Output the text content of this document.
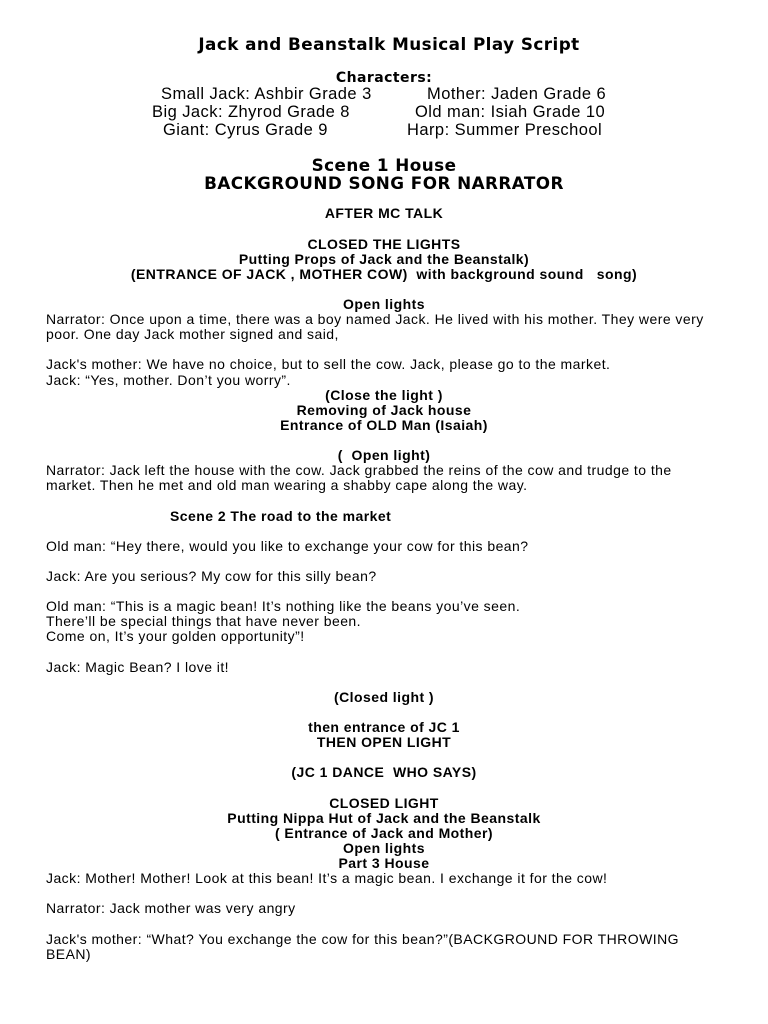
Jack and Beanstalk Musical Play Script
Characters:
Small Jack: Ashbir Grade 3	Mother: Jaden Grade 6
Big Jack: Zhyrod Grade 8	Old man: Isiah Grade 10
Giant: Cyrus Grade 9	Harp: Summer Preschool
Scene 1 House
BACKGROUND SONG FOR NARRATOR
AFTER MC TALK
CLOSED THE LIGHTS
Putting Props of Jack and the Beanstalk)
(ENTRANCE OF JACK , MOTHER COW)  with background sound   song)
Open lights
Narrator: Once upon a time, there was a boy named Jack. He lived with his mother. They were very
poor. One day Jack mother signed and said,
Jack's mother: We have no choice, but to sell the cow. Jack, please go to the market.
Jack: “Yes, mother. Don’t you worry”.
(Close the light )
Removing of Jack house
Entrance of OLD Man (Isaiah)
(  Open light)
Narrator: Jack left the house with the cow. Jack grabbed the reins of the cow and trudge to the
market. Then he met and old man wearing a shabby cape along the way.
Scene 2 The road to the market
Old man: “Hey there, would you like to exchange your cow for this bean?
Jack: Are you serious? My cow for this silly bean?
Old man: “This is a magic bean! It’s nothing like the beans you’ve seen.
There’ll be special things that have never been.
Come on, It’s your golden opportunity”!
Jack: Magic Bean? I love it!
(Closed light )
then entrance of JC 1
THEN OPEN LIGHT
(JC 1 DANCE  WHO SAYS)
CLOSED LIGHT
Putting Nippa Hut of Jack and the Beanstalk
( Entrance of Jack and Mother)
Open lights
Part 3 House
Jack: Mother! Mother! Look at this bean! It’s a magic bean. I exchange it for the cow!
Narrator: Jack mother was very angry
Jack's mother: “What? You exchange the cow for this bean?”(BACKGROUND FOR THROWING
BEAN)
